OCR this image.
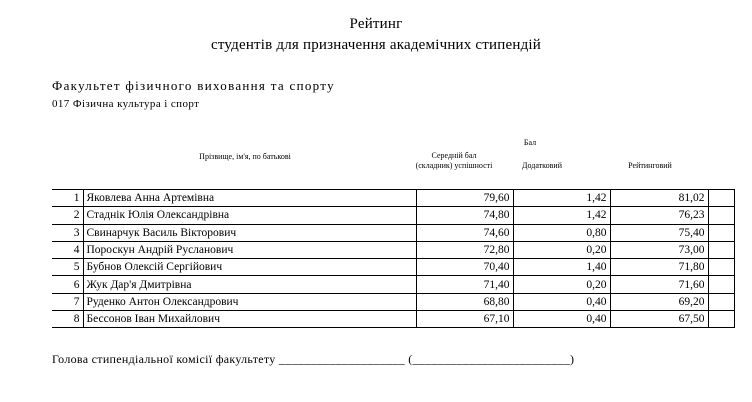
Рейтинг
студентів для призначення академічних стипендій
Факультет фізичного виховання та спорту
017 Фізична культура і спорт
Прізвище, ім'я, по батькові
Бал
Середній бал (складник) успішності	Додатковий	Рейтинговий
1	Яковлева Анна Артемівна	79,60	1,42	81,02	
2	Стаднік Юлія Олександрівна	74,80	1,42	76,23	
3	Свинарчук Василь Вікторович	74,60	0,80	75,40	
4	Пороскун Андрій Русланович	72,80	0,20	73,00	
5	Бубнов Олексій Сергійович	70,40	1,40	71,80	
6	Жук Дар'я Дмитрівна	71,40	0,20	71,60	
7	Руденко Антон Олександрович	68,80	0,40	69,20	
8	Бессонов Іван Михайлович	67,10	0,40	67,50	
Голова стипендіальної комісії факультету ____________________ (_________________________)
